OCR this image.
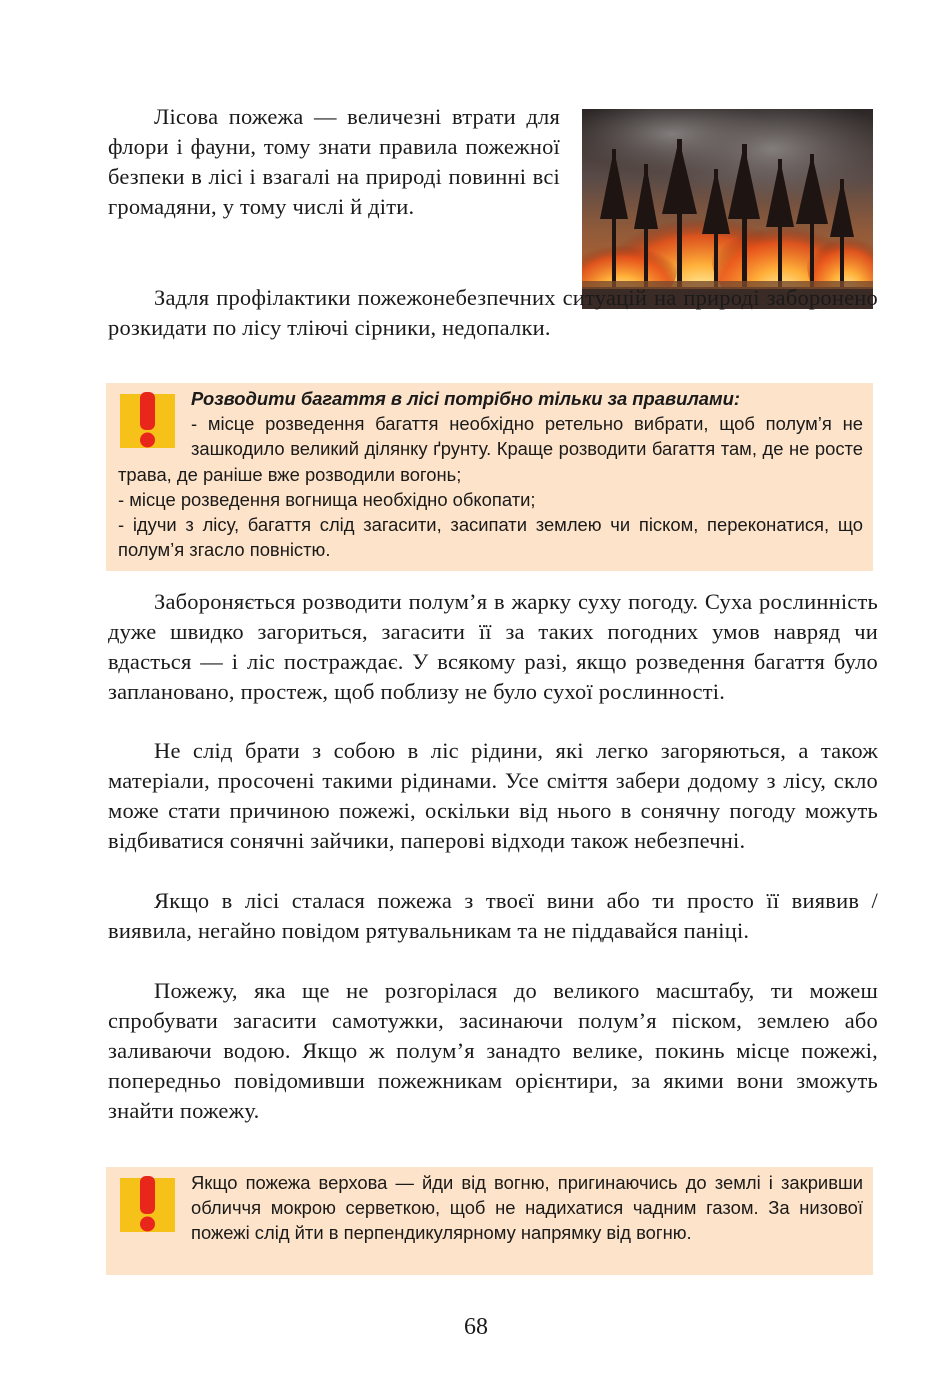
Лісова пожежа — величезні втрати для флори і фауни, тому знати правила пожежної безпеки в лісі і взагалі на природі повинні всі громадяни, у тому числі й діти.

Задля профілактики пожежонебезпечних ситуацій на природі заборонено розкидати по лісу тліючі сірники, недопалки.

Розводити багаття в лісі потрібно тільки за правилами:

- місце розведення багаття необхідно ретельно вибрати, щоб полум’я не зашкодило великий ділянку ґрунту. Краще розводити багаття там, де не росте трава, де раніше вже розводили вогонь;

- місце розведення вогнища необхідно обкопати;

- ідучи з лісу, багаття слід загасити, засипати землею чи піском, переконатися, що полум’я згасло повністю.

Забороняється розводити полум’я в жарку суху погоду. Суха рослинність дуже швидко загориться, загасити її за таких погодних умов навряд чи вдасться — і ліс постраждає. У всякому разі, якщо розведення багаття було заплановано, простеж, щоб поблизу не було сухої рослинності.

Не слід брати з собою в ліс рідини, які легко загоряються, а також матеріали, просочені такими рідинами. Усе сміття забери додому з лісу, скло може стати причиною пожежі, оскільки від нього в сонячну погоду можуть відбиватися сонячні зайчики, паперові відходи також небезпечні.

Якщо в лісі сталася пожежа з твоєї вини або ти просто її виявив / виявила, негайно повідом рятувальникам та не піддавайся паніці.

Пожежу, яка ще не розгорілася до великого масштабу, ти можеш спробувати загасити самотужки, засинаючи полум’я піском, землею або заливаючи водою. Якщо ж полум’я занадто велике, покинь місце пожежі, попередньо повідомивши пожежникам орієнтири, за якими вони зможуть знайти пожежу.

Якщо пожежа верхова — йди від вогню, пригинаючись до землі і закривши обличчя мокрою серветкою, щоб не надихатися чадним газом. За низової пожежі слід йти в перпендикулярному напрямку від вогню.

68
